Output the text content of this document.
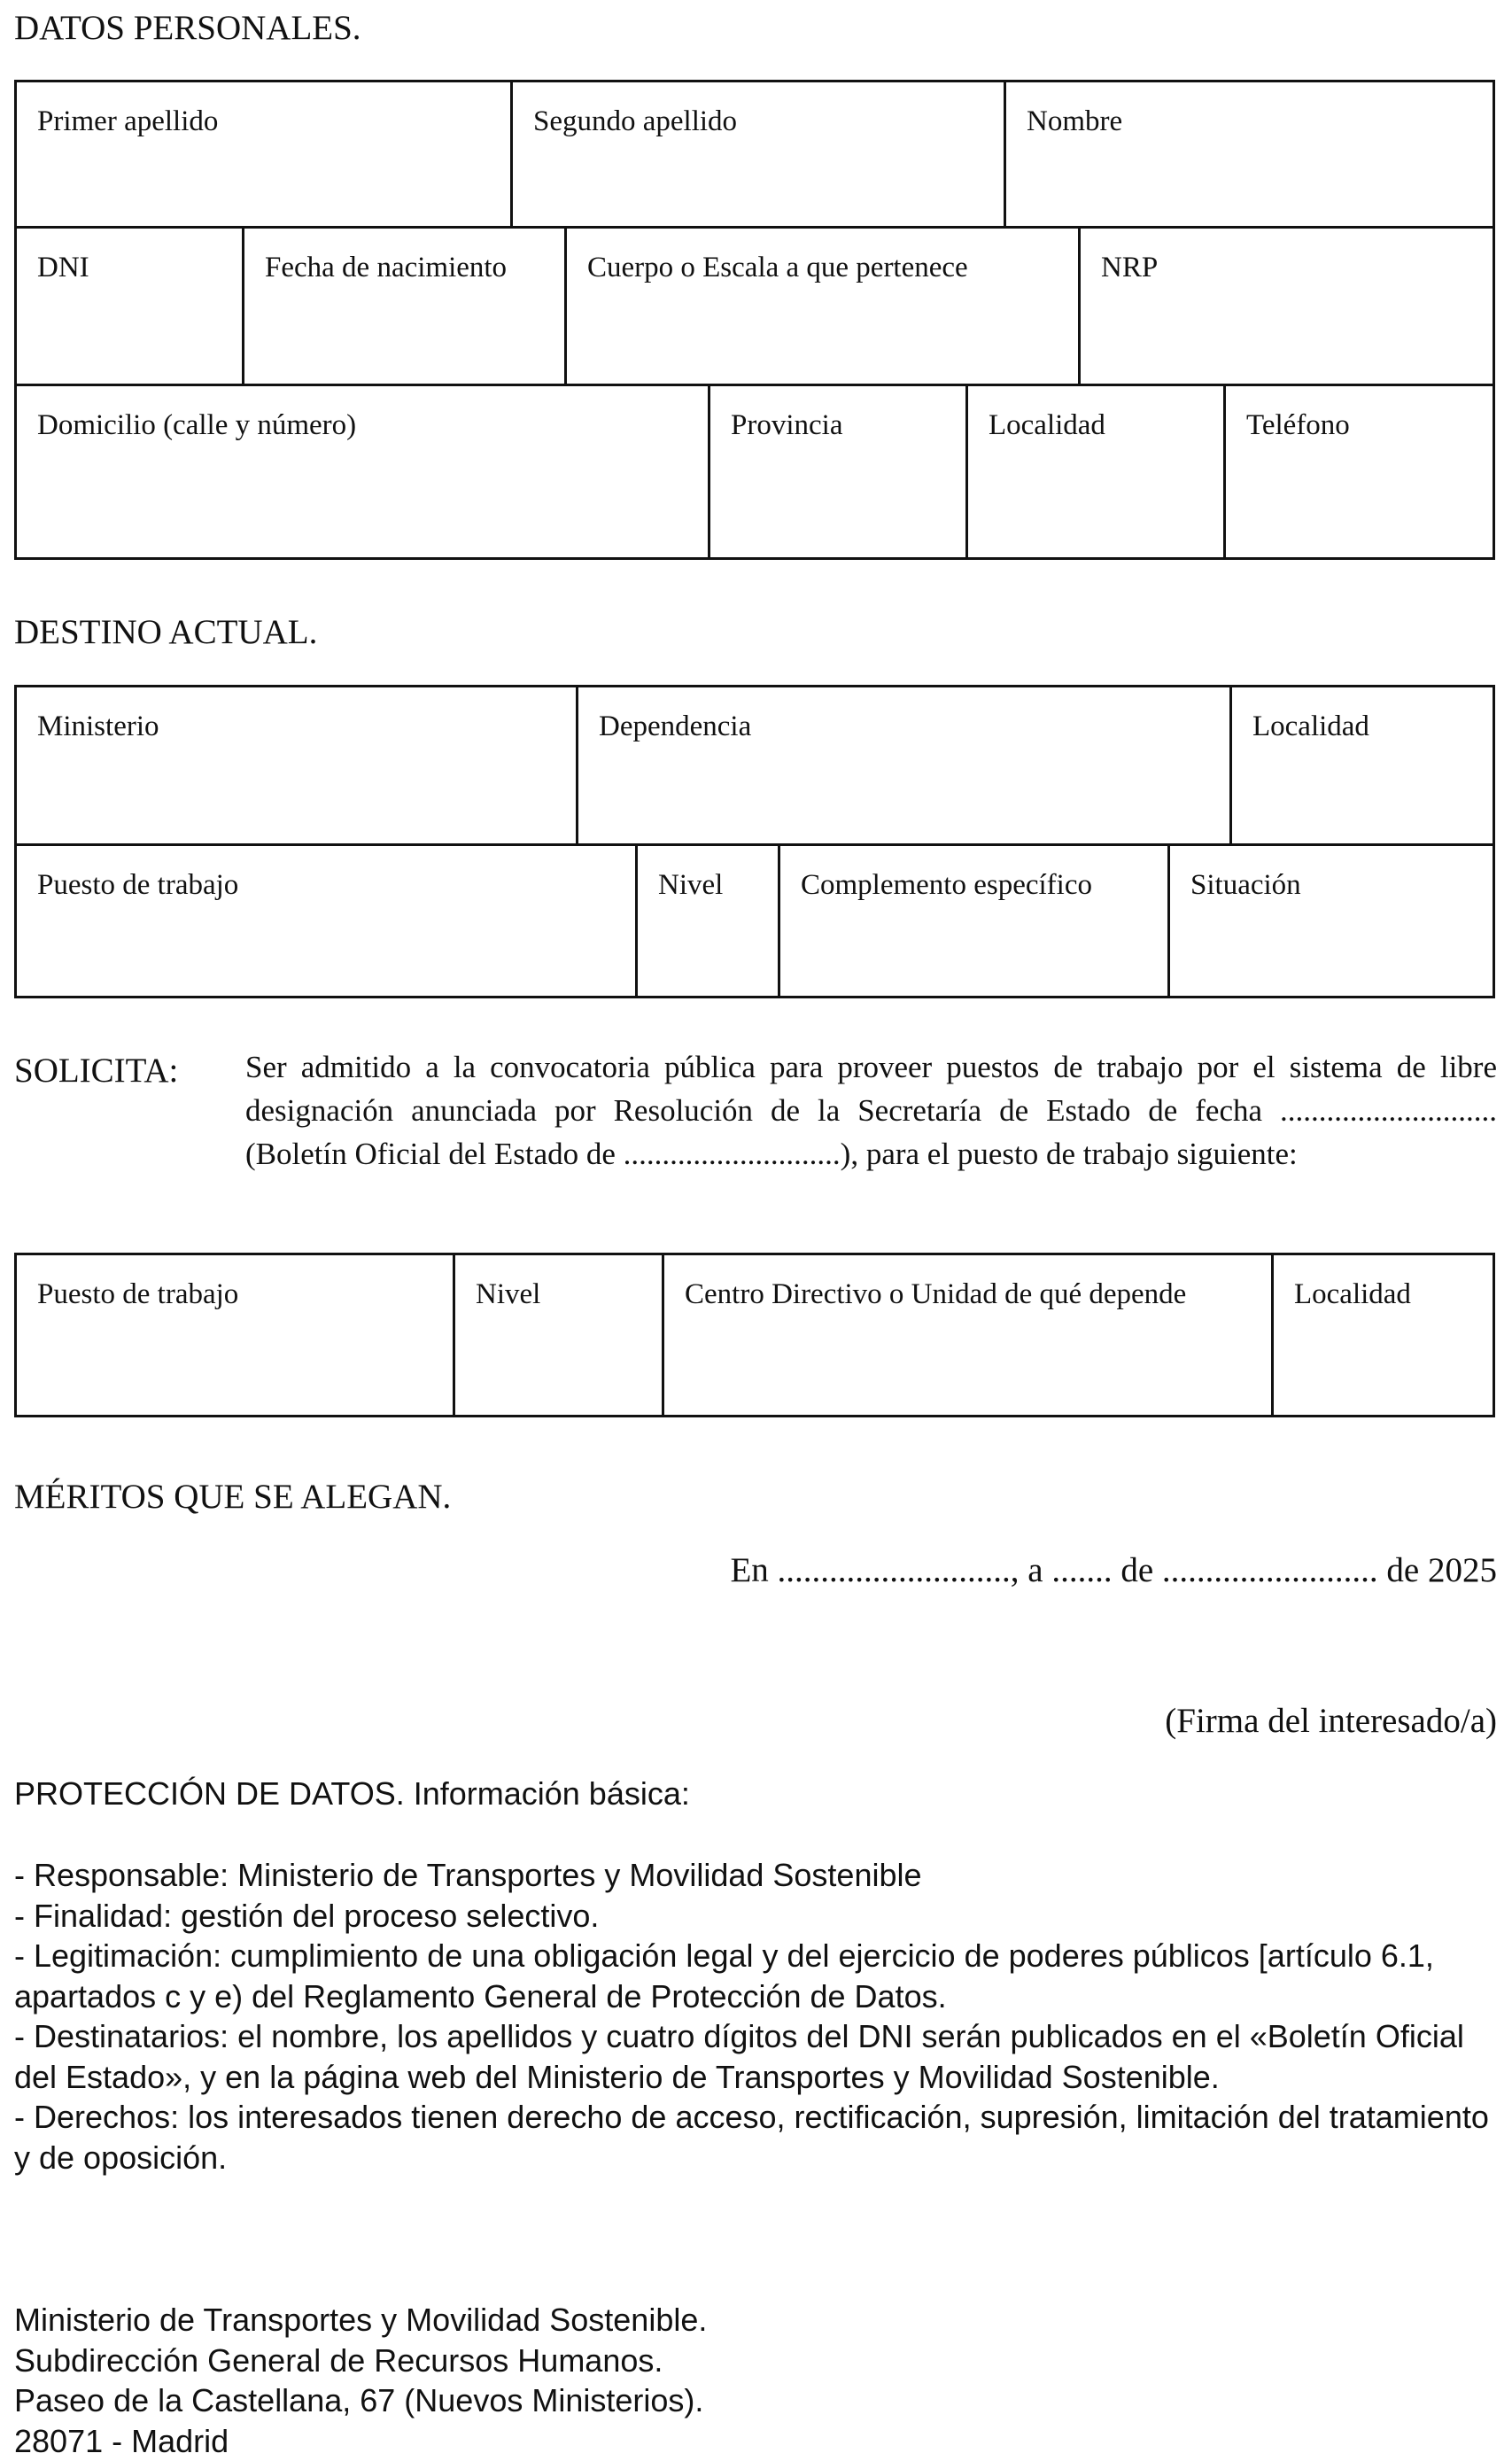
DATOS PERSONALES.
Primer apellido	Segundo apellido	Nombre
DNI	Fecha de nacimiento	Cuerpo o Escala a que pertenece	NRP
Domicilio (calle y número)	Provincia	Localidad	Teléfono
DESTINO ACTUAL.
Ministerio	Dependencia	Localidad
Puesto de trabajo	Nivel	Complemento específico	Situación
SOLICITA: Ser admitido a la convocatoria pública para proveer puestos de trabajo por el sistema de libre designación anunciada por Resolución de la Secretaría de Estado de fecha ............................ (Boletín Oficial del Estado de ............................), para el puesto de trabajo siguiente:
Puesto de trabajo	Nivel	Centro Directivo o Unidad de qué depende	Localidad
MÉRITOS QUE SE ALEGAN.
En ..........................., a ....... de ......................... de 2025
(Firma del interesado/a)
PROTECCIÓN DE DATOS. Información básica:
- Responsable: Ministerio de Transportes y Movilidad Sostenible
- Finalidad: gestión del proceso selectivo.
- Legitimación: cumplimiento de una obligación legal y del ejercicio de poderes públicos [artículo 6.1, apartados c y e) del Reglamento General de Protección de Datos.
- Destinatarios: el nombre, los apellidos y cuatro dígitos del DNI serán publicados en el «Boletín Oficial del Estado», y en la página web del Ministerio de Transportes y Movilidad Sostenible.
- Derechos: los interesados tienen derecho de acceso, rectificación, supresión, limitación del tratamiento y de oposición.
Ministerio de Transportes y Movilidad Sostenible.
Subdirección General de Recursos Humanos.
Paseo de la Castellana, 67 (Nuevos Ministerios).
28071 - Madrid
